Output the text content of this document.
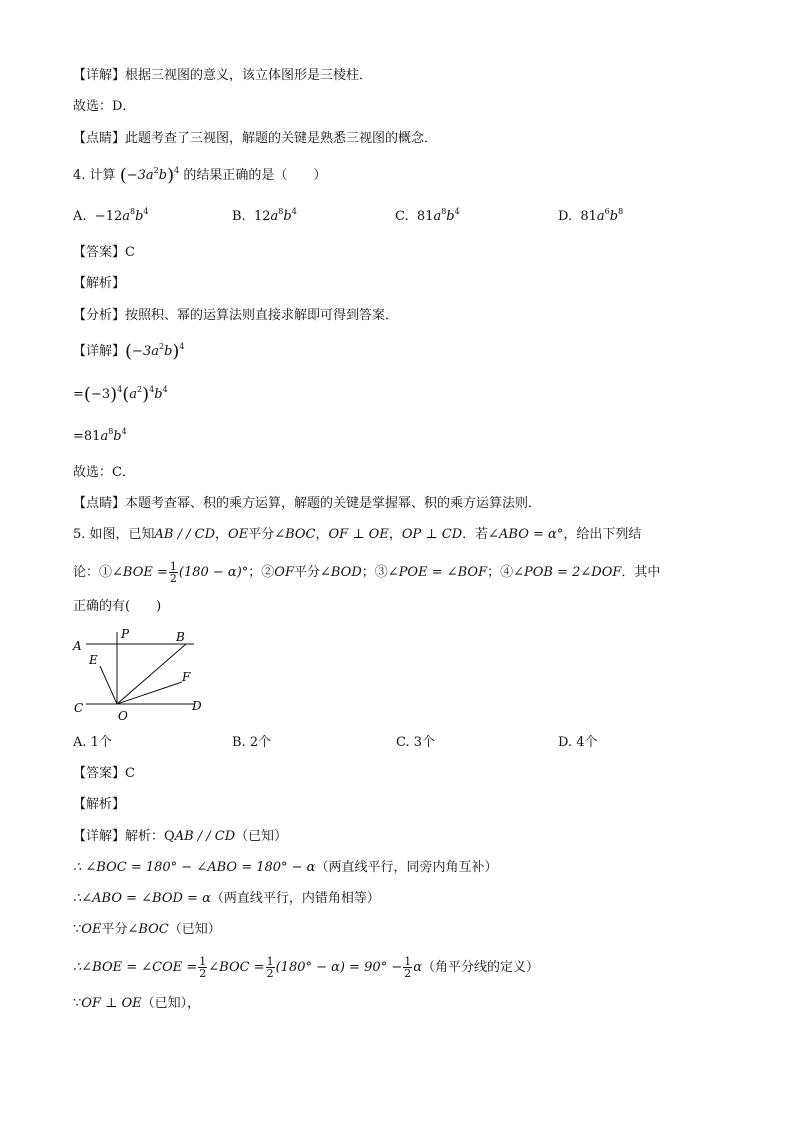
【详解】根据三视图的意义，该立体图形是三棱柱．
故选：D．
【点睛】此题考查了三视图，解题的关键是熟悉三视图的概念．
4. 计算 $(-3a^2b)^4$ 的结果正确的是（　　）
A. $-12a^8b^4$	B. $12a^8b^4$	C. $81a^8b^4$	D. $81a^6b^8$
【答案】C
【解析】
【分析】按照积、幂的运算法则直接求解即可得到答案．
【详解】$(-3a^2b)^4$
$=(-3)^4(a^2)^4b^4$
$=81a^8b^4$
故选：C．
【点睛】本题考查幂、积的乘方运算，解题的关键是掌握幂、积的乘方运算法则．
5. 如图，已知AB / / CD，OE平分∠BOC，OF ⊥ OE，OP ⊥ CD．若∠ABO = α°，给出下列结
论：①∠BOE = $\frac{1}{2} (180 - \alpha)^\circ$；②OF平分∠BOD；③∠POE = ∠BOF；④∠POB = 2∠DOF．其中
正确的有(　　)
A
P	B
E
F
C
O
D
A. 1个	B. 2个	C. 3个	D. 4个
【答案】C
【解析】
【详解】解析：QAB / / CD（已知）
∴ ∠BOC = 180° − ∠ABO = 180° − α（两直线平行，同旁内角互补）
∴∠ABO = ∠BOD = α（两直线平行，内错角相等）
∵OE平分∠BOC（已知）
∴∠BOE = ∠COE = $\frac{1}{2}$ ∠BOC = $\frac{1}{2} (180^\circ - \alpha) = 90^\circ - \frac{1}{2} \alpha$（角平分线的定义）
∵OF ⊥ OE（已知），
